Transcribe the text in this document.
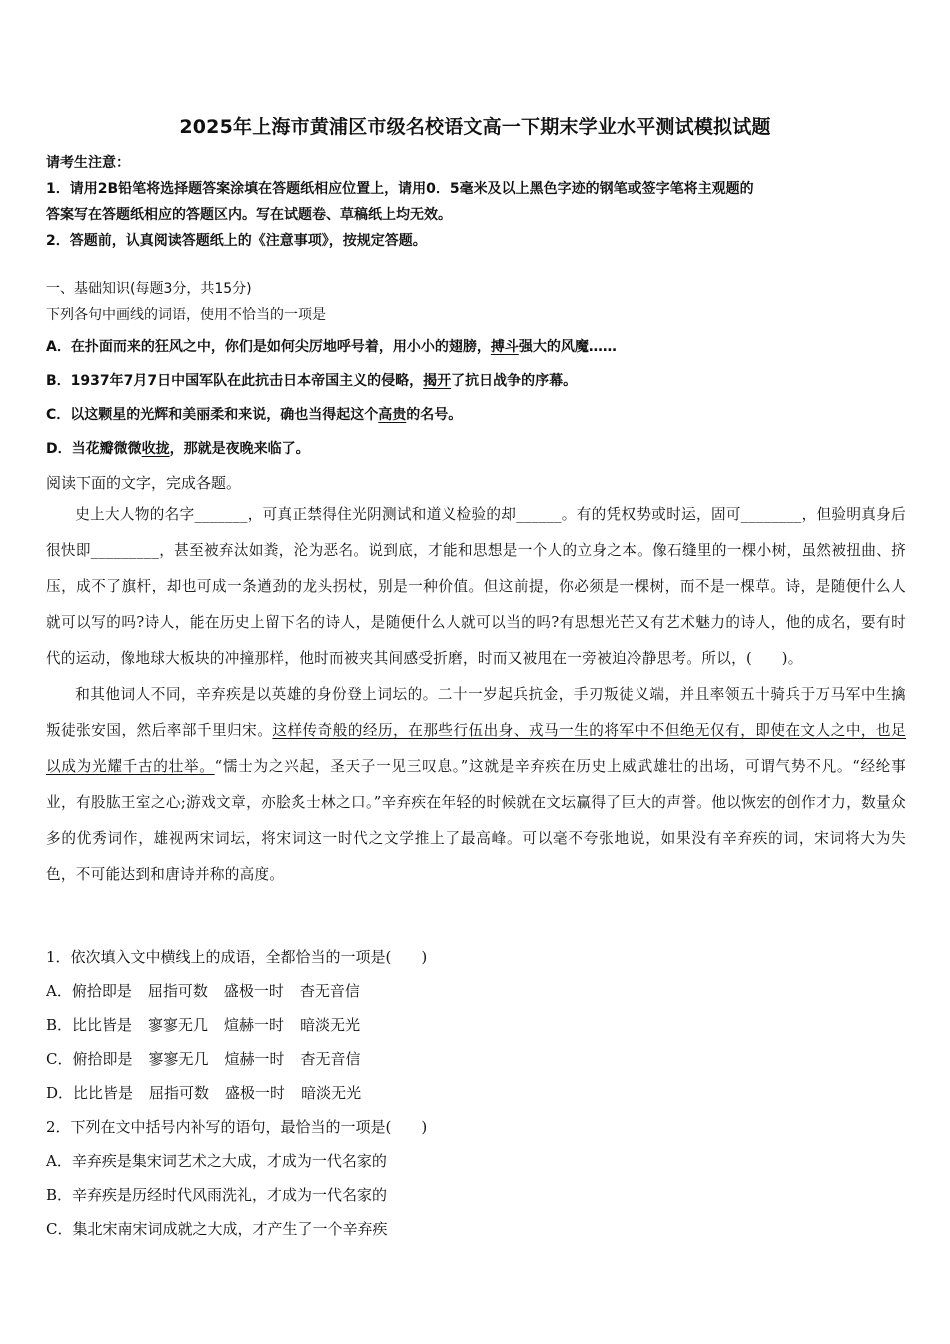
2025年上海市黄浦区市级名校语文高一下期末学业水平测试模拟试题
请考生注意：
1．请用2B铅笔将选择题答案涂填在答题纸相应位置上，请用0．5毫米及以上黑色字迹的钢笔或签字笔将主观题的
答案写在答题纸相应的答题区内。写在试题卷、草稿纸上均无效。
2．答题前，认真阅读答题纸上的《注意事项》，按规定答题。
一、基础知识(每题3分，共15分)
下列各句中画线的词语，使用不恰当的一项是
A．在扑面而来的狂风之中，你们是如何尖厉地呼号着，用小小的翅膀，搏斗强大的风魔……
B．1937年7月7日中国军队在此抗击日本帝国主义的侵略，揭开了抗日战争的序幕。
C．以这颗星的光辉和美丽柔和来说，确也当得起这个高贵的名号。
D．当花瓣微微收拢，那就是夜晚来临了。
阅读下面的文字，完成各题。

史上大人物的名字_______，可真正禁得住光阴测试和道义检验的却______。有的凭权势或时运，固可________，但验明真身后很快即_________，甚至被弃汰如粪，沦为恶名。说到底，才能和思想是一个人的立身之本。像石缝里的一棵小树，虽然被扭曲、挤压，成不了旗杆，却也可成一条遒劲的龙头拐杖，别是一种价值。但这前提，你必须是一棵树，而不是一棵草。诗，是随便什么人就可以写的吗?诗人，能在历史上留下名的诗人，是随便什么人就可以当的吗?有思想光芒又有艺术魅力的诗人，他的成名，要有时代的运动，像地球大板块的冲撞那样，他时而被夹其间感受折磨，时而又被甩在一旁被迫冷静思考。所以，(　　)。

和其他词人不同，辛弃疾是以英雄的身份登上词坛的。二十一岁起兵抗金，手刃叛徒义端，并且率领五十骑兵于万马军中生擒叛徒张安国，然后率部千里归宋。这样传奇般的经历，在那些行伍出身、戎马一生的将军中不但绝无仅有，即使在文人之中，也足以成为光耀千古的壮举。“懦士为之兴起，圣天子一见三叹息。”这就是辛弃疾在历史上威武雄壮的出场，可谓气势不凡。“经纶事业，有股肱王室之心;游戏文章，亦脍炙士林之口。”辛弃疾在年轻的时候就在文坛赢得了巨大的声誉。他以恢宏的创作才力，数量众多的优秀词作，雄视两宋词坛，将宋词这一时代之文学推上了最高峰。可以毫不夸张地说，如果没有辛弃疾的词，宋词将大为失色，不可能达到和唐诗并称的高度。

1．依次填入文中横线上的成语，全都恰当的一项是(　　)
A．俯拾即是 屈指可数 盛极一时 杳无音信
B．比比皆是 寥寥无几 煊赫一时 暗淡无光
C．俯拾即是 寥寥无几 煊赫一时 杳无音信
D．比比皆是 屈指可数 盛极一时 暗淡无光
2．下列在文中括号内补写的语句，最恰当的一项是(　　)
A．辛弃疾是集宋词艺术之大成，才成为一代名家的
B．辛弃疾是历经时代风雨洗礼，才成为一代名家的
C．集北宋南宋词成就之大成，才产生了一个辛弃疾
